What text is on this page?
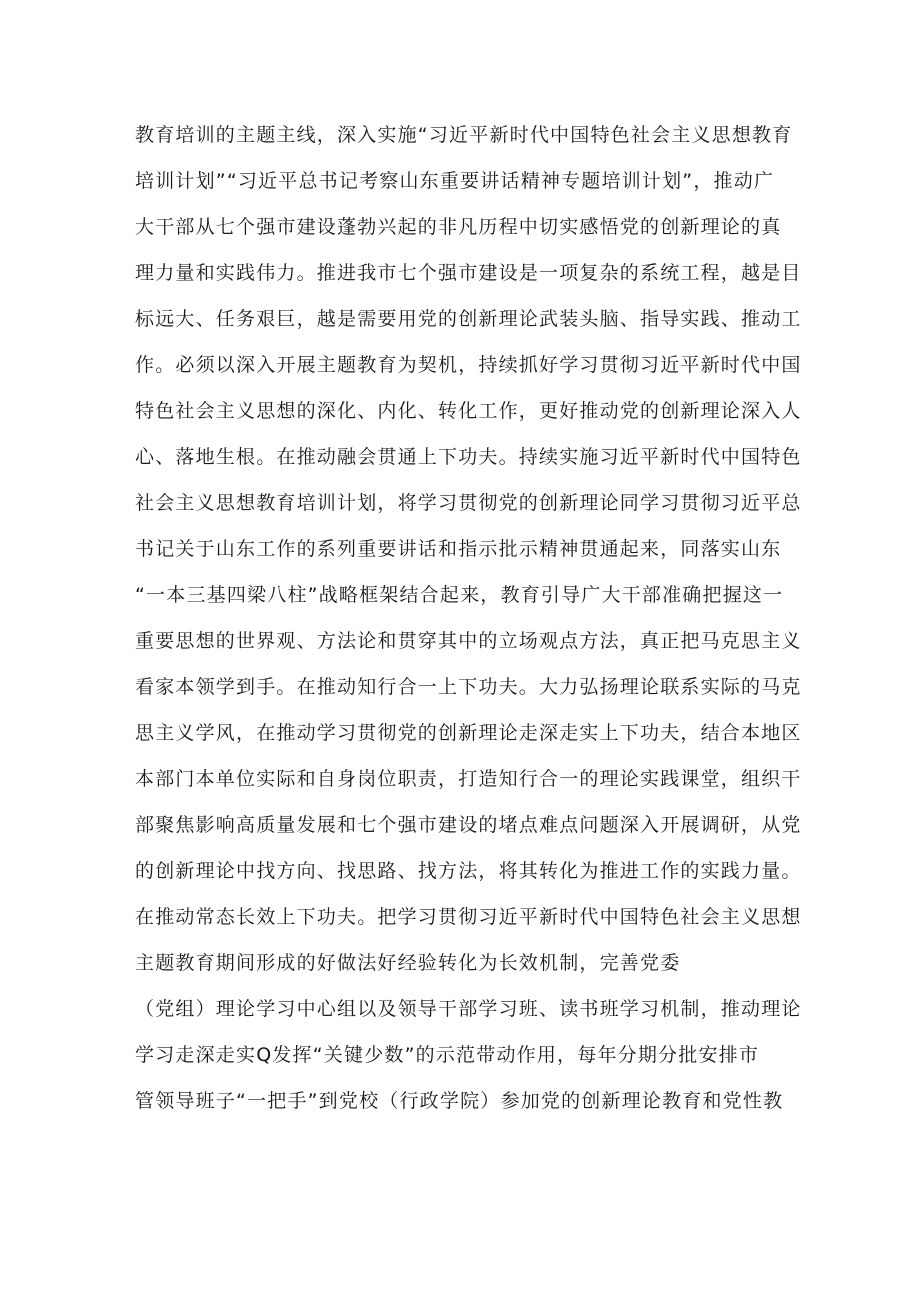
教育培训的主题主线，深入实施“习近平新时代中国特色社会主义思想教育
培训计划”“习近平总书记考察山东重要讲话精神专题培训计划”，推动广
大干部从七个强市建设蓬勃兴起的非凡历程中切实感悟党的创新理论的真
理力量和实践伟力。推进我市七个强市建设是一项复杂的系统工程，越是目
标远大、任务艰巨，越是需要用党的创新理论武装头脑、指导实践、推动工
作。必须以深入开展主题教育为契机，持续抓好学习贯彻习近平新时代中国
特色社会主义思想的深化、内化、转化工作，更好推动党的创新理论深入人
心、落地生根。在推动融会贯通上下功夫。持续实施习近平新时代中国特色
社会主义思想教育培训计划，将学习贯彻党的创新理论同学习贯彻习近平总
书记关于山东工作的系列重要讲话和指示批示精神贯通起来，同落实山东
“一本三基四梁八柱”战略框架结合起来，教育引导广大干部准确把握这一
重要思想的世界观、方法论和贯穿其中的立场观点方法，真正把马克思主义
看家本领学到手。在推动知行合一上下功夫。大力弘扬理论联系实际的马克
思主义学风，在推动学习贯彻党的创新理论走深走实上下功夫，结合本地区
本部门本单位实际和自身岗位职责，打造知行合一的理论实践课堂，组织干
部聚焦影响高质量发展和七个强市建设的堵点难点问题深入开展调研，从党
的创新理论中找方向、找思路、找方法，将其转化为推进工作的实践力量。
在推动常态长效上下功夫。把学习贯彻习近平新时代中国特色社会主义思想
主题教育期间形成的好做法好经验转化为长效机制，完善党委
（党组）理论学习中心组以及领导干部学习班、读书班学习机制，推动理论
学习走深走实Q发挥“关键少数”的示范带动作用，每年分期分批安排市
管领导班子“一把手”到党校（行政学院）参加党的创新理论教育和党性教
